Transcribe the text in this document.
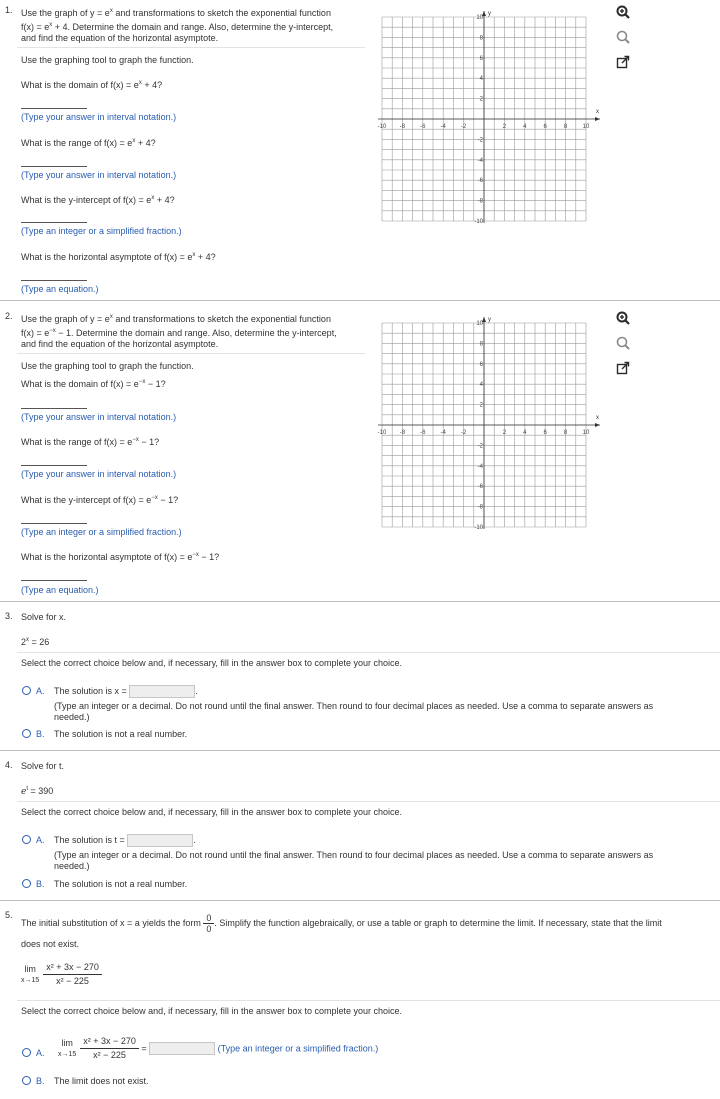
1. Use the graph of $y = e^x$ and transformations to sketch the exponential function
$f(x) = e^x + 4$. Determine the domain and range. Also, determine the y-intercept,
and find the equation of the horizontal asymptote.
Use the graphing tool to graph the function.
What is the domain of $f(x) = e^x + 4$?
(Type your answer in interval notation.)
What is the range of $f(x) = e^x + 4$?
(Type your answer in interval notation.)
What is the y-intercept of $f(x) = e^x + 4$?
(Type an integer or a simplified fraction.)
What is the horizontal asymptote of $f(x) = e^x + 4$?
(Type an equation.)
x
y
-10 -8	-6	-4	-2	2	4	6	8	10
10
8
6
4
2
-2
-4
-6
-8
-10
2. Use the graph of $y = e^x$ and transformations to sketch the exponential function
$f(x) = e^{-x} - 1$. Determine the domain and range. Also, determine the y-intercept,
and find the equation of the horizontal asymptote.
Use the graphing tool to graph the function.
What is the domain of $f(x) = e^{-x} - 1$?
(Type your answer in interval notation.)
What is the range of $f(x) = e^{-x} - 1$?
(Type your answer in interval notation.)
What is the y-intercept of $f(x) = e^{-x} - 1$?
(Type an integer or a simplified fraction.)
What is the horizontal asymptote of $f(x) = e^{-x} - 1$?
(Type an equation.)
x
y
-10 -8	-6	-4	-2	2	4	6	8	10
10
8
6
4
2
-2
-4
-6
-8
-10
3. Solve for x.
$2^x = 26$
Select the correct choice below and, if necessary, fill in the answer box to complete your choice.
A. The solution is x =	.
(Type an integer or a decimal. Do not round until the final answer. Then round to four decimal places as needed. Use a comma to separate answers as
needed.)
B. The solution is not a real number.
4. Solve for t.
$e^t = 390$
Select the correct choice below and, if necessary, fill in the answer box to complete your choice.
A. The solution is t =	.
(Type an integer or a decimal. Do not round until the final answer. Then round to four decimal places as needed. Use a comma to separate answers as
needed.)
B. The solution is not a real number.
5.
The initial substitution of x = a yields the form $\frac{0}{0}$ . Simplify the function algebraically, or use a table or graph to determine the limit. If necessary, state that the limit
does not exist.
lim
$x\to 15 \frac{\text{x² + 3x − 270}}{\text{x² − 225}}$
Select the correct choice below and, if necessary, fill in the answer box to complete your choice.
A.
lim
$x\to 15 \frac{\text{x² + 3x − 270}}{\text{x² − 225}}$ =	(Type an integer or a simplified fraction.)
B. The limit does not exist.
